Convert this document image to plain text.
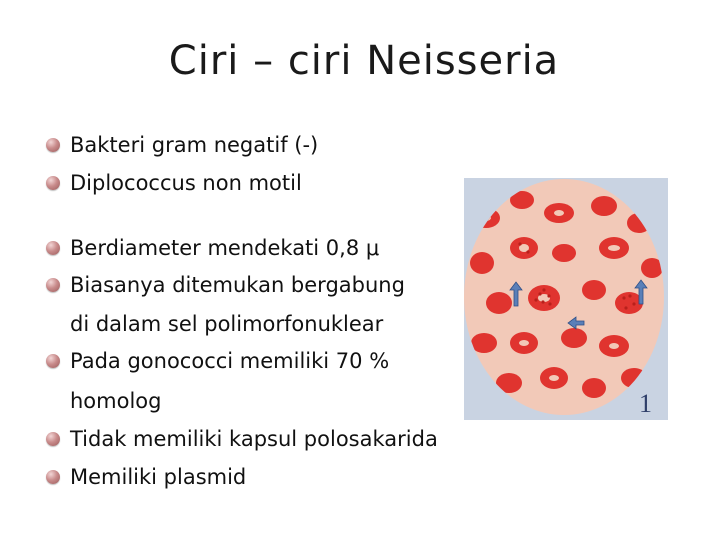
Ciri – ciri Neisseria
Bakteri gram negatif (-)
Diplococcus non motil
Berdiameter mendekati 0,8 μ
Biasanya ditemukan bergabung
di dalam sel polimorfonuklear
Pada gonococci memiliki 70 %
homolog
Tidak memiliki kapsul polosakarida
Memiliki plasmid
1
